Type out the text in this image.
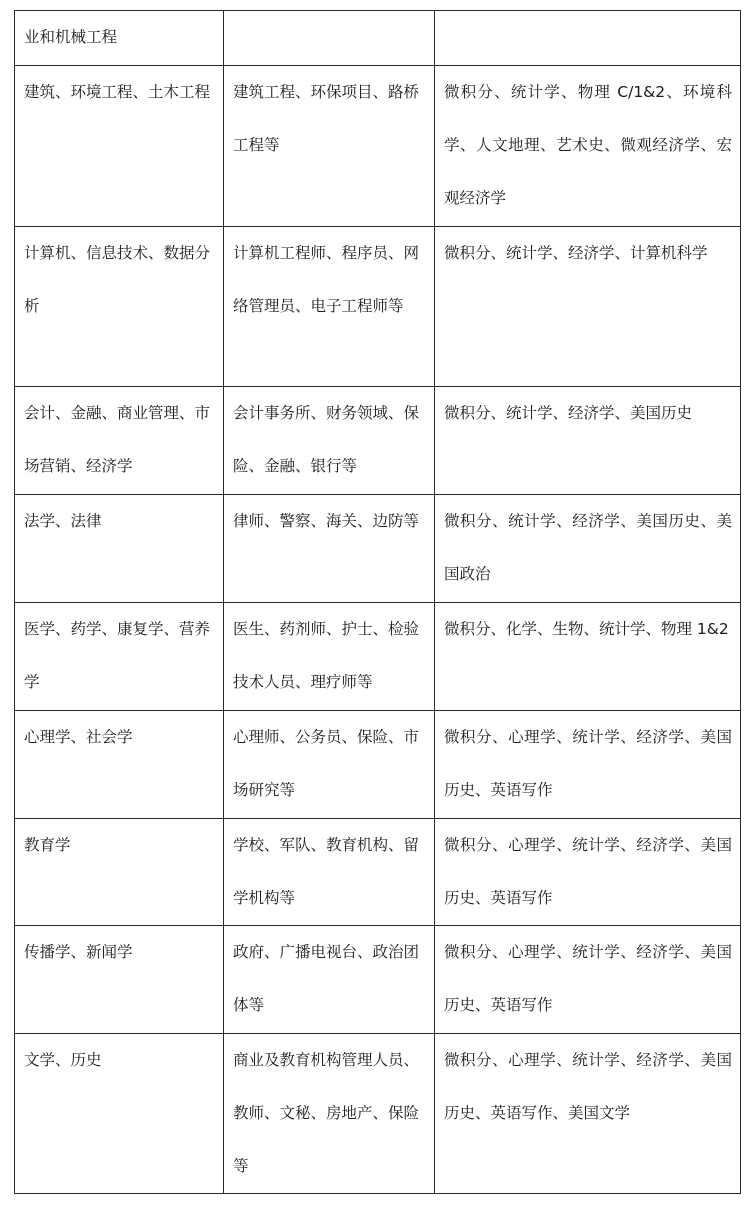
业和机械工程		

建筑、环境工程、土木工程	建筑工程、环保项目、路桥工程等	微积分、统计学、物理 C/1&2、环境科学、人文地理、艺术史、微观经济学、宏观经济学

计算机、信息技术、数据分析	计算机工程师、程序员、网络管理员、电子工程师等	微积分、统计学、经济学、计算机科学

会计、金融、商业管理、市场营销、经济学	会计事务所、财务领域、保险、金融、银行等	微积分、统计学、经济学、美国历史

法学、法律	律师、警察、海关、边防等	微积分、统计学、经济学、美国历史、美国政治

医学、药学、康复学、营养学	医生、药剂师、护士、检验技术人员、理疗师等	微积分、化学、生物、统计学、物理 1&2

心理学、社会学	心理师、公务员、保险、市场研究等	微积分、心理学、统计学、经济学、美国历史、英语写作

教育学	学校、军队、教育机构、留学机构等	微积分、心理学、统计学、经济学、美国历史、英语写作

传播学、新闻学	政府、广播电视台、政治团体等	微积分、心理学、统计学、经济学、美国历史、英语写作

文学、历史	商业及教育机构管理人员、教师、文秘、房地产、保险等	微积分、心理学、统计学、经济学、美国历史、英语写作、美国文学
